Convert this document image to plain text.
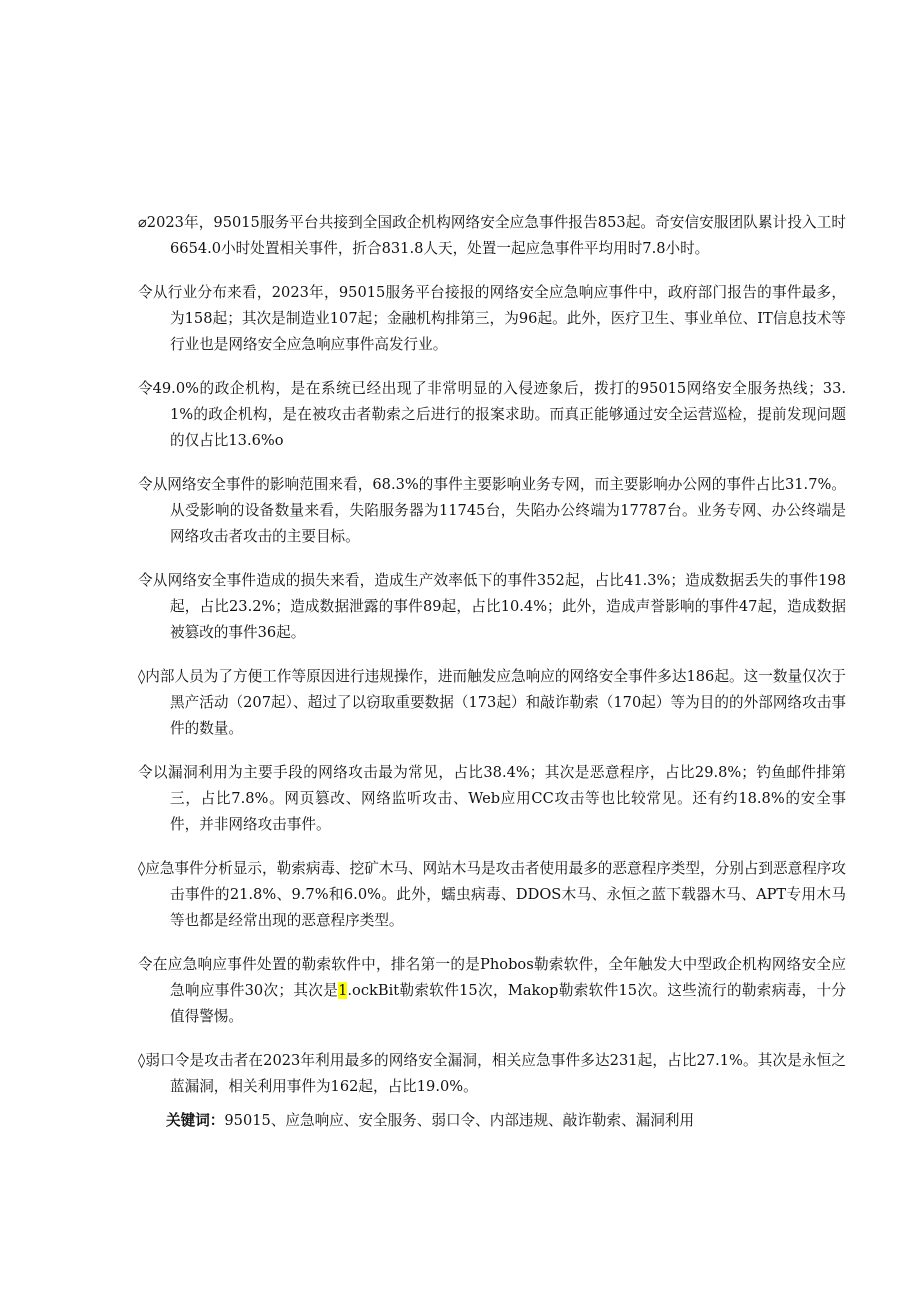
⌀2023年，95015服务平台共接到全国政企机构网络安全应急事件报告853起。奇安信安服团队累计投入工时6654.0小时处置相关事件，折合831.8人天，处置一起应急事件平均用时7.8小时。

令从行业分布来看，2023年，95015服务平台接报的网络安全应急响应事件中，政府部门报告的事件最多，为158起；其次是制造业107起；金融机构排第三，为96起。此外，医疗卫生、事业单位、IT信息技术等行业也是网络安全应急响应事件高发行业。

令49.0%的政企机构，是在系统已经出现了非常明显的入侵迹象后，拨打的95015网络安全服务热线；33.1%的政企机构，是在被攻击者勒索之后进行的报案求助。而真正能够通过安全运营巡检，提前发现问题的仅占比13.6%o

令从网络安全事件的影响范围来看，68.3%的事件主要影响业务专网，而主要影响办公网的事件占比31.7%。从受影响的设备数量来看，失陷服务器为11745台，失陷办公终端为17787台。业务专网、办公终端是网络攻击者攻击的主要目标。

令从网络安全事件造成的损失来看，造成生产效率低下的事件352起，占比41.3%；造成数据丢失的事件198起，占比23.2%；造成数据泄露的事件89起，占比10.4%；此外，造成声誉影响的事件47起，造成数据被篡改的事件36起。

◊内部人员为了方便工作等原因进行违规操作，进而触发应急响应的网络安全事件多达186起。这一数量仅次于黑产活动（207起）、超过了以窃取重要数据（173起）和敲诈勒索（170起）等为目的的外部网络攻击事件的数量。

令以漏洞利用为主要手段的网络攻击最为常见，占比38.4%；其次是恶意程序，占比29.8%；钓鱼邮件排第三，占比7.8%。网页篡改、网络监听攻击、Web应用CC攻击等也比较常见。还有约18.8%的安全事件，并非网络攻击事件。

◊应急事件分析显示，勒索病毒、挖矿木马、网站木马是攻击者使用最多的恶意程序类型，分别占到恶意程序攻击事件的21.8%、9.7%和6.0%。此外，蠕虫病毒、DDOS木马、永恒之蓝下载器木马、APT专用木马等也都是经常出现的恶意程序类型。

令在应急响应事件处置的勒索软件中，排名第一的是Phobos勒索软件，全年触发大中型政企机构网络安全应急响应事件30次；其次是1.ockBit勒索软件15次，Makop勒索软件15次。这些流行的勒索病毒，十分值得警惕。

◊弱口令是攻击者在2023年利用最多的网络安全漏洞，相关应急事件多达231起，占比27.1%。其次是永恒之蓝漏洞，相关利用事件为162起，占比19.0%。

关键词：95015、应急响应、安全服务、弱口令、内部违规、敲诈勒索、漏洞利用
